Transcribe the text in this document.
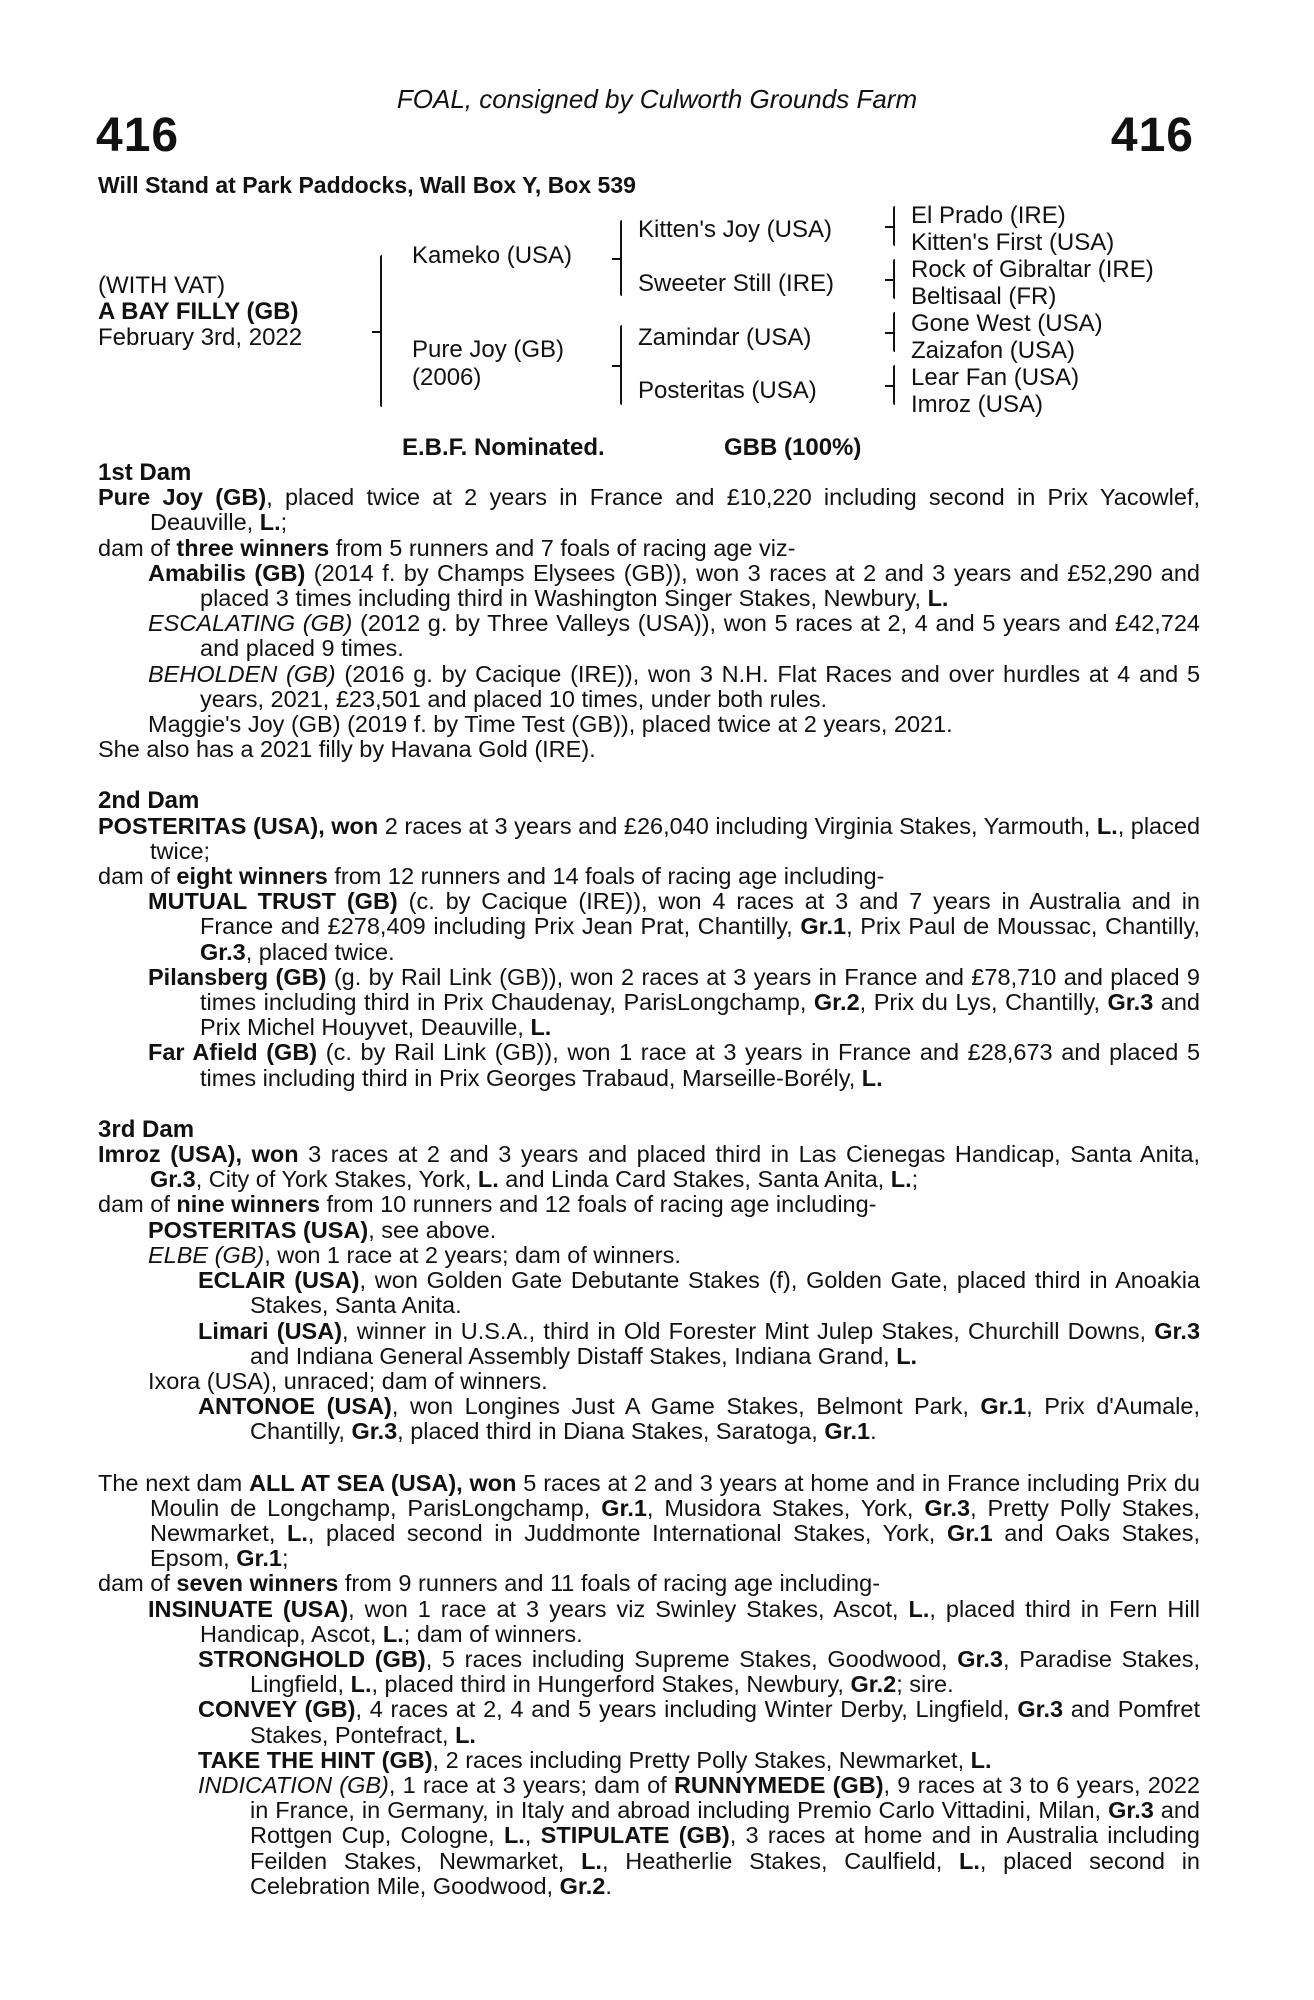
FOAL, consigned by Culworth Grounds Farm
416	416
Will Stand at Park Paddocks, Wall Box Y, Box 539
(WITH VAT)
A BAY FILLY (GB)
February 3rd, 2022
Kameko (USA)
Pure Joy (GB)
(2006)
Kitten's Joy (USA)
Sweeter Still (IRE)
Zamindar (USA)
Posteritas (USA)
El Prado (IRE)
Kitten's First (USA)
Rock of Gibraltar (IRE)
Beltisaal (FR)
Gone West (USA)
Zaizafon (USA)
Lear Fan (USA)
Imroz (USA)
E.B.F. Nominated.	GBB (100%)

1st Dam

Pure Joy (GB), placed twice at 2 years in France and £10,220 including second in Prix Yacowlef, Deauville, L.;

dam of three winners from 5 runners and 7 foals of racing age viz-

Amabilis (GB) (2014 f. by Champs Elysees (GB)), won 3 races at 2 and 3 years and £52,290 and placed 3 times including third in Washington Singer Stakes, Newbury, L.

ESCALATING (GB) (2012 g. by Three Valleys (USA)), won 5 races at 2, 4 and 5 years and £42,724 and placed 9 times.

BEHOLDEN (GB) (2016 g. by Cacique (IRE)), won 3 N.H. Flat Races and over hurdles at 4 and 5 years, 2021, £23,501 and placed 10 times, under both rules.

Maggie's Joy (GB) (2019 f. by Time Test (GB)), placed twice at 2 years, 2021.

She also has a 2021 filly by Havana Gold (IRE).

2nd Dam

POSTERITAS (USA), won 2 races at 3 years and £26,040 including Virginia Stakes, Yarmouth, L., placed twice;

dam of eight winners from 12 runners and 14 foals of racing age including-

MUTUAL TRUST (GB) (c. by Cacique (IRE)), won 4 races at 3 and 7 years in Australia and in France and £278,409 including Prix Jean Prat, Chantilly, Gr.1, Prix Paul de Moussac, Chantilly, Gr.3, placed twice.

Pilansberg (GB) (g. by Rail Link (GB)), won 2 races at 3 years in France and £78,710 and placed 9 times including third in Prix Chaudenay, ParisLongchamp, Gr.2, Prix du Lys, Chantilly, Gr.3 and Prix Michel Houyvet, Deauville, L.

Far Afield (GB) (c. by Rail Link (GB)), won 1 race at 3 years in France and £28,673 and placed 5 times including third in Prix Georges Trabaud, Marseille-Borély, L.

3rd Dam

Imroz (USA), won 3 races at 2 and 3 years and placed third in Las Cienegas Handicap, Santa Anita, Gr.3, City of York Stakes, York, L. and Linda Card Stakes, Santa Anita, L.;

dam of nine winners from 10 runners and 12 foals of racing age including-

POSTERITAS (USA), see above.

ELBE (GB), won 1 race at 2 years; dam of winners.

ECLAIR (USA), won Golden Gate Debutante Stakes (f), Golden Gate, placed third in Anoakia Stakes, Santa Anita.

Limari (USA), winner in U.S.A., third in Old Forester Mint Julep Stakes, Churchill Downs, Gr.3 and Indiana General Assembly Distaff Stakes, Indiana Grand, L.

Ixora (USA), unraced; dam of winners.

ANTONOE (USA), won Longines Just A Game Stakes, Belmont Park, Gr.1, Prix d'Aumale, Chantilly, Gr.3, placed third in Diana Stakes, Saratoga, Gr.1.

The next dam ALL AT SEA (USA), won 5 races at 2 and 3 years at home and in France including Prix du Moulin de Longchamp, ParisLongchamp, Gr.1, Musidora Stakes, York, Gr.3, Pretty Polly Stakes, Newmarket, L., placed second in Juddmonte International Stakes, York, Gr.1 and Oaks Stakes, Epsom, Gr.1;

dam of seven winners from 9 runners and 11 foals of racing age including-

INSINUATE (USA), won 1 race at 3 years viz Swinley Stakes, Ascot, L., placed third in Fern Hill Handicap, Ascot, L.; dam of winners.

STRONGHOLD (GB), 5 races including Supreme Stakes, Goodwood, Gr.3, Paradise Stakes, Lingfield, L., placed third in Hungerford Stakes, Newbury, Gr.2; sire.

CONVEY (GB), 4 races at 2, 4 and 5 years including Winter Derby, Lingfield, Gr.3 and Pomfret Stakes, Pontefract, L.

TAKE THE HINT (GB), 2 races including Pretty Polly Stakes, Newmarket, L.

INDICATION (GB), 1 race at 3 years; dam of RUNNYMEDE (GB), 9 races at 3 to 6 years, 2022 in France, in Germany, in Italy and abroad including Premio Carlo Vittadini, Milan, Gr.3 and Rottgen Cup, Cologne, L., STIPULATE (GB), 3 races at home and in Australia including Feilden Stakes, Newmarket, L., Heatherlie Stakes, Caulfield, L., placed second in Celebration Mile, Goodwood, Gr.2.
